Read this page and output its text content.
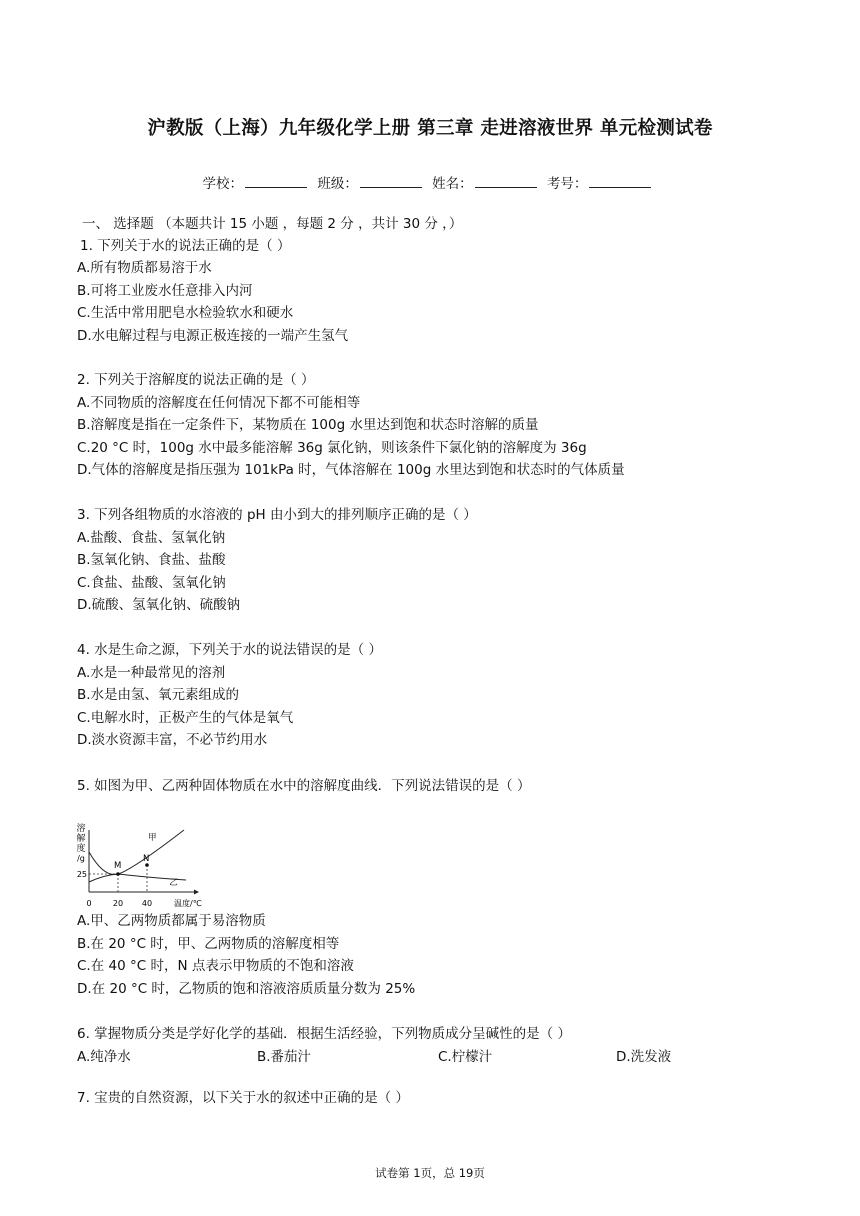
沪教版（上海）九年级化学上册 第三章 走进溶液世界 单元检测试卷
学校：	班级：	姓名：	考号：
一、 选择题 （本题共计 15 小题 ，每题 2 分 ，共计 30 分 ，）
1. 下列关于水的说法正确的是（ ）
A.所有物质都易溶于水
B.可将工业废水任意排入内河
C.生活中常用肥皂水检验软水和硬水
D.水电解过程与电源正极连接的一端产生氢气
2. 下列关于溶解度的说法正确的是（ ）
A.不同物质的溶解度在任何情况下都不可能相等
B.溶解度是指在一定条件下，某物质在 100g 水里达到饱和状态时溶解的质量
C.20 °C 时，100g 水中最多能溶解 36g 氯化钠，则该条件下氯化钠的溶解度为 36g
D.气体的溶解度是指压强为 101kPa 时，气体溶解在 100g 水里达到饱和状态时的气体质量
3. 下列各组物质的水溶液的 pH 由小到大的排列顺序正确的是（ ）
A.盐酸、食盐、氢氧化钠
B.氢氧化钠、食盐、盐酸
C.食盐、盐酸、氢氧化钠
D.硫酸、氢氧化钠、硫酸钠
4. 水是生命之源，下列关于水的说法错误的是（ ）
A.水是一种最常见的溶剂
B.水是由氢、氧元素组成的
C.电解水时，正极产生的气体是氧气
D.淡水资源丰富，不必节约用水
5. 如图为甲、乙两种固体物质在水中的溶解度曲线．下列说法错误的是（ ）
溶
解
度
/g
25
M
N
甲
乙
0	20 40	温度/℃
A.甲、乙两物质都属于易溶物质
B.在 20 °C 时，甲、乙两物质的溶解度相等
C.在 40 °C 时，N 点表示甲物质的不饱和溶液
D.在 20 °C 时，乙物质的饱和溶液溶质质量分数为 25%
6. 掌握物质分类是学好化学的基础．根据生活经验，下列物质成分呈碱性的是（ ）
A.纯净水	B.番茄汁	C.柠檬汁	D.洗发液
7. 宝贵的自然资源，以下关于水的叙述中正确的是（ ）
试卷第 1页，总 19页
